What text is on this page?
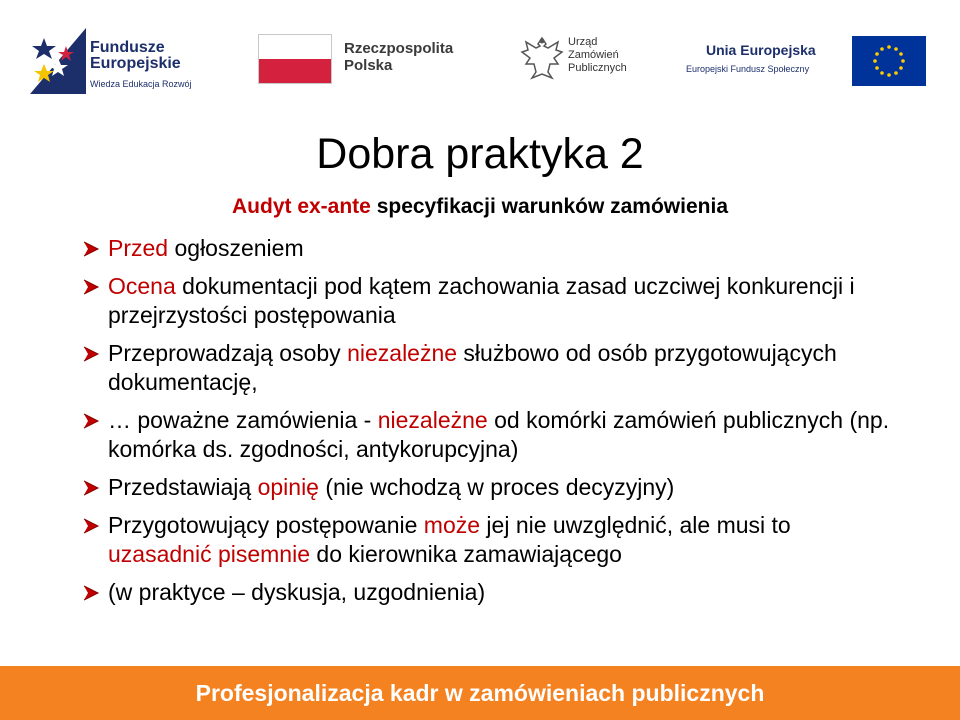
Fundusze
Europejskie
Wiedza Edukacja Rozwój
Rzeczpospolita
Polska
Urząd
Zamówień
Publicznych
Unia Europejska
Europejski Fundusz Społeczny
Dobra praktyka 2
Audyt ex-ante specyfikacji warunków zamówienia
Przed ogłoszeniem
Ocena dokumentacji pod kątem zachowania zasad uczciwej konkurencji i przejrzystości postępowania
Przeprowadzają osoby niezależne służbowo od osób przygotowujących dokumentację,
… poważne zamówienia - niezależne od komórki zamówień publicznych (np. komórka ds. zgodności, antykorupcyjna)
Przedstawiają opinię (nie wchodzą w proces decyzyjny)
Przygotowujący postępowanie może jej nie uwzględnić, ale musi to uzasadnić pisemnie do kierownika zamawiającego
(w praktyce – dyskusja, uzgodnienia)
Profesjonalizacja kadr w zamówieniach publicznych
